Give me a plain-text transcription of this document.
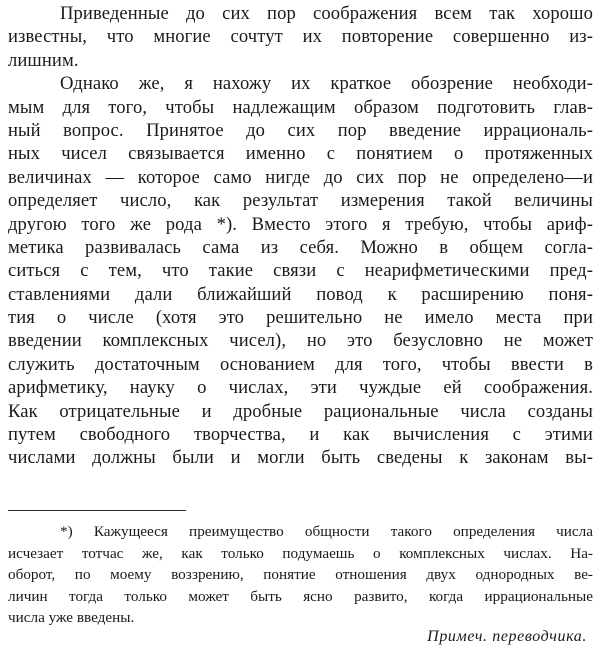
Приведенные до сих пор соображения всем так хорошо
известны, что многие сочтут их повторение совершенно из-
лишним.
Однако же, я нахожу их краткое обозрение необходи-
мым для того, чтобы надлежащим образом подготовить глав-
ный вопрос. Принятое до сих пор введение иррациональ-
ных чисел связывается именно с понятием о протяженных
величинах — которое само нигде до сих пор не определено—и
определяет число, как результат измерения такой величины
другою того же рода *). Вместо этого я требую, чтобы ариф-
метика развивалась сама из себя. Можно в общем согла-
ситься с тем, что такие связи с неарифметическими пред-
ставлениями дали ближайший повод к расширению поня-
тия о числе (хотя это решительно не имело места при
введении комплексных чисел), но это безусловно не может
служить достаточным основанием для того, чтобы ввести в
арифметику, науку о числах, эти чуждые ей соображения.
Как отрицательные и дробные рациональные числа созданы
путем свободного творчества, и как вычисления с этими
числами должны были и могли быть сведены к законам вы-
*) Кажущееся преимущество общности такого определения числа
исчезает тотчас же, как только подумаешь о комплексных числах. На-
оборот, по моему воззрению, понятие отношения двух однородных ве-
личин тогда только может быть ясно развито, когда иррациональные
числа уже введены.
Примеч. переводчика.
